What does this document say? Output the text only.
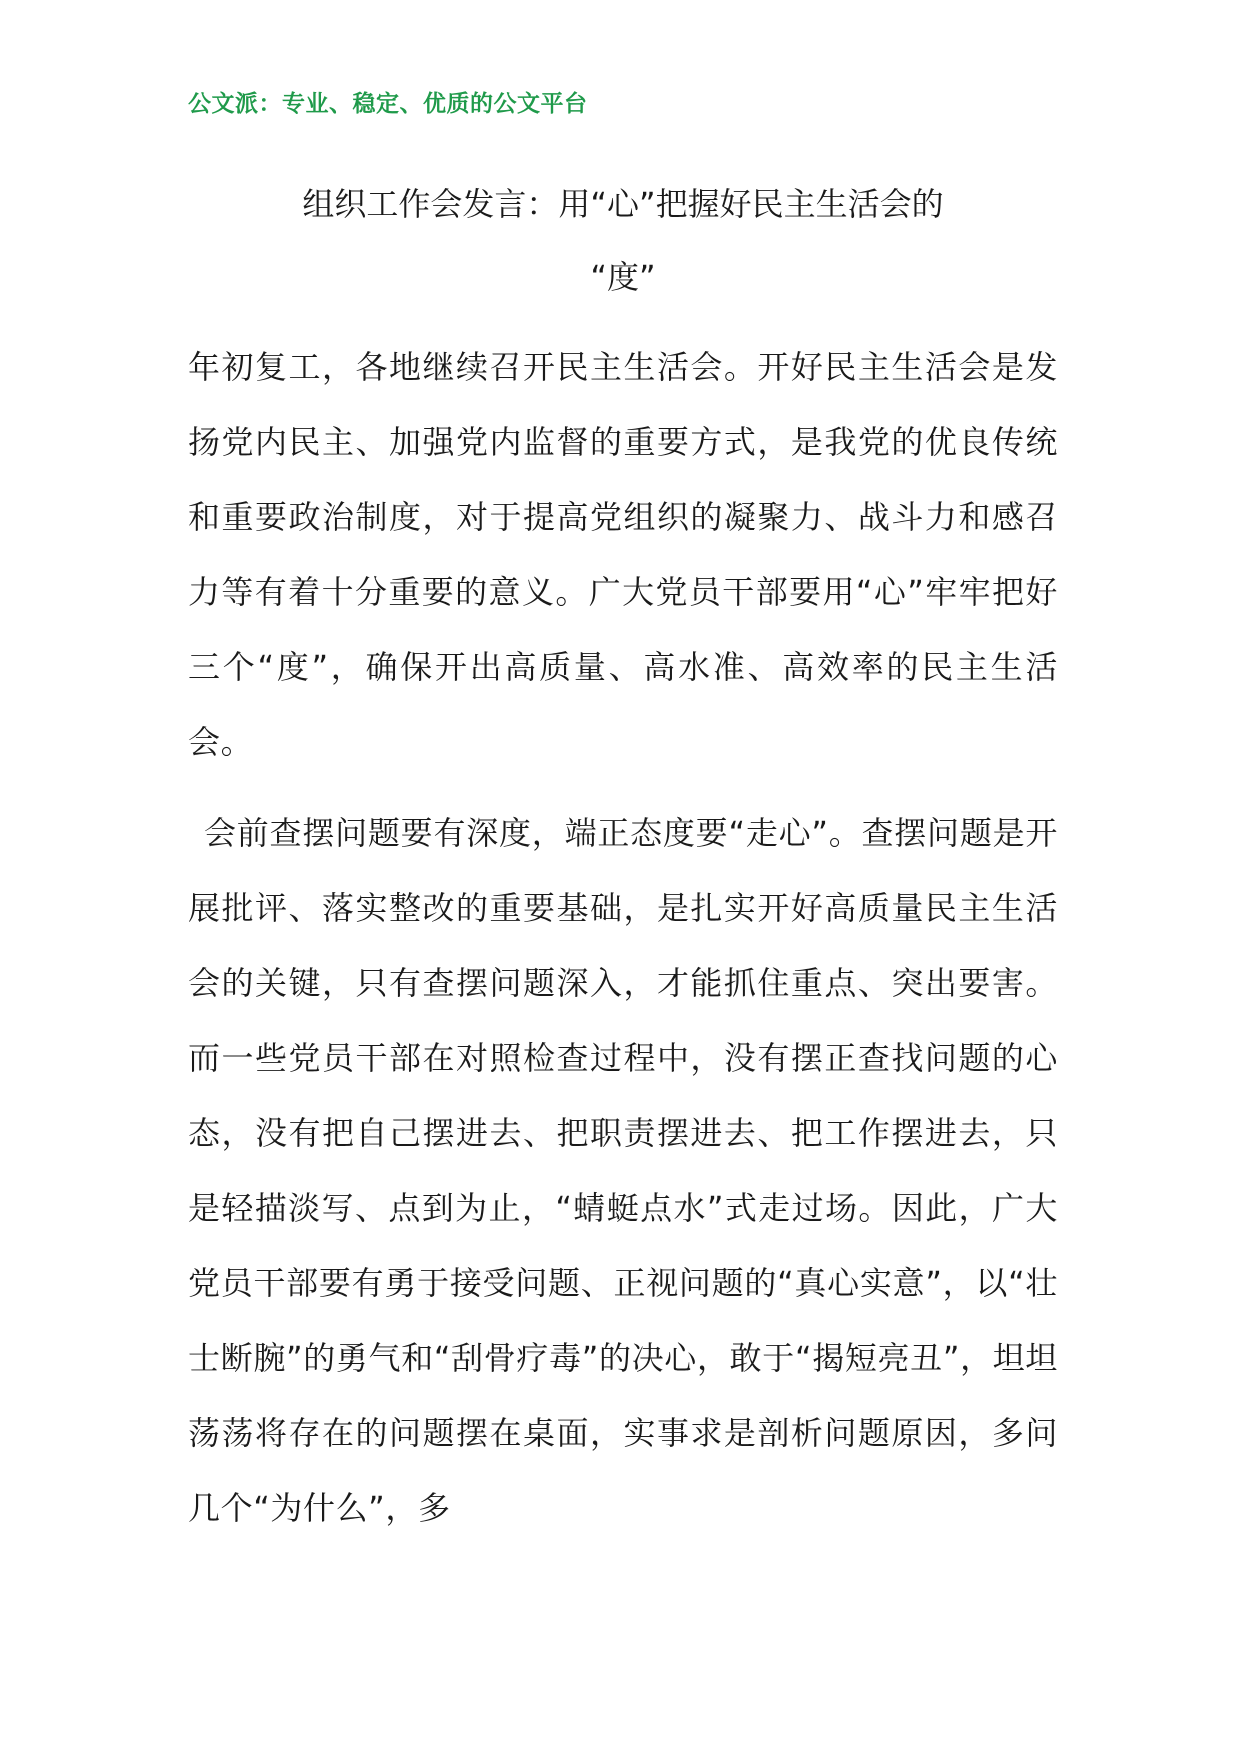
公文派：专业、稳定、优质的公文平台
组织工作会发言：用“心”把握好民主生活会的
“度”

年初复工，各地继续召开民主生活会。开好民主生活会是发扬党内民主、加强党内监督的重要方式，是我党的优良传统和重要政治制度，对于提高党组织的凝聚力、战斗力和感召力等有着十分重要的意义。广大党员干部要用“心”牢牢把好三个“度”，确保开出高质量、高水准、高效率的民主生活会。

会前查摆问题要有深度，端正态度要“走心”。查摆问题是开展批评、落实整改的重要基础，是扎实开好高质量民主生活会的关键，只有查摆问题深入，才能抓住重点、突出要害。而一些党员干部在对照检查过程中，没有摆正查找问题的心态，没有把自己摆进去、把职责摆进去、把工作摆进去，只是轻描淡写、点到为止，“蜻蜓点水”式走过场。因此，广大党员干部要有勇于接受问题、正视问题的“真心实意”，以“壮士断腕”的勇气和“刮骨疗毒”的决心，敢于“揭短亮丑”，坦坦荡荡将存在的问题摆在桌面，实事求是剖析问题原因，多问几个“为什么”，多
